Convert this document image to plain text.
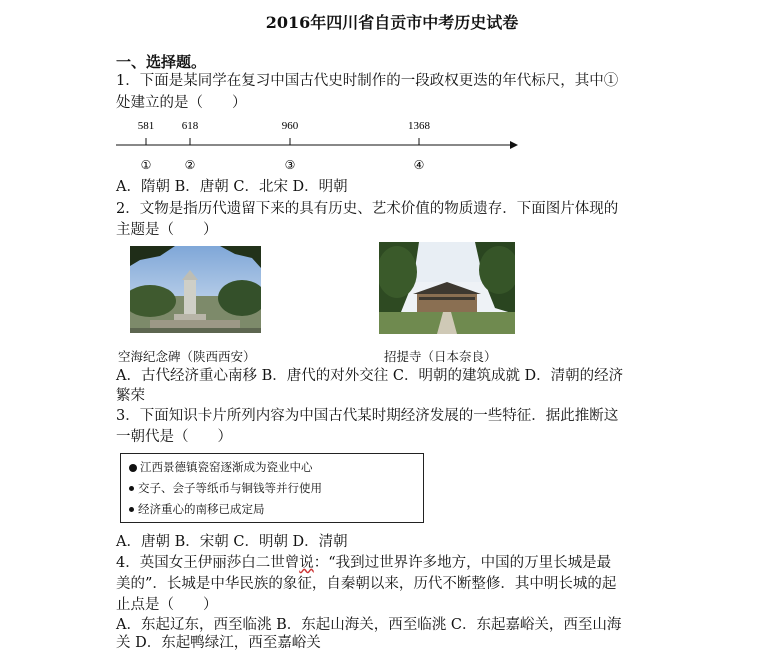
2016年四川省自贡市中考历史试卷
一、选择题。
1．下面是某同学在复习中国古代史时制作的一段政权更迭的年代标尺，其中①
处建立的是（　　）
581	618	960	1368
①	②	③	④
A．隋朝 B．唐朝 C．北宋 D．明朝
2．文物是指历代遗留下来的具有历史、艺术价值的物质遗存．下面图片体现的
主题是（　　）
空海纪念碑（陕西西安）	招提寺（日本奈良）
A．古代经济重心南移 B．唐代的对外交往 C．明朝的建筑成就 D．清朝的经济
繁荣
3．下面知识卡片所列内容为中国古代某时期经济发展的一些特征．据此推断这
一朝代是（　　）
江西景德镇瓷窑逐渐成为瓷业中心
交子、会子等纸币与铜钱等并行使用
经济重心的南移已成定局
A．唐朝 B．宋朝 C．明朝 D．清朝
4．英国女王伊丽莎白二世曾说：“我到过世界许多地方，中国的万里长城是最
美的”．长城是中华民族的象征，自秦朝以来，历代不断整修．其中明长城的起
止点是（　　）
A．东起辽东，西至临洮 B．东起山海关，西至临洮 C．东起嘉峪关，西至山海
关 D．东起鸭绿江，西至嘉峪关
